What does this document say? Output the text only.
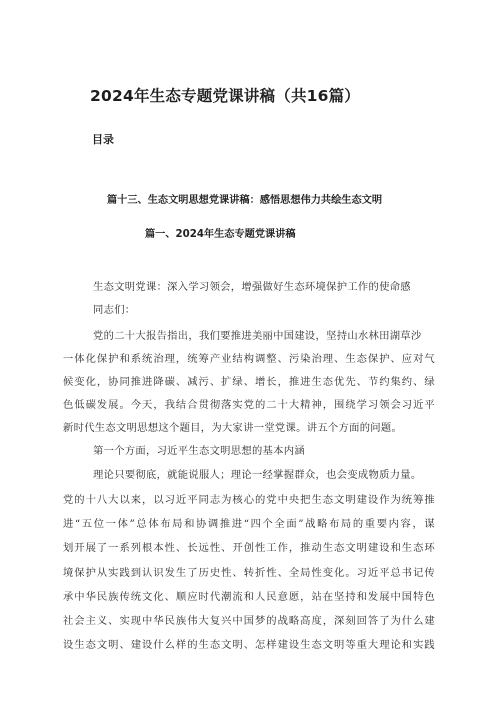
2024年生态专题党课讲稿（共16篇）
目录
篇十三、生态文明思想党课讲稿：感悟思想伟力共绘生态文明
篇一、2024年生态专题党课讲稿
生态文明党课：深入学习领会，增强做好生态环境保护工作的使命感
同志们：
党的二十大报告指出，我们要推进美丽中国建设，坚持山水林田湖草沙
一体化保护和系统治理，统筹产业结构调整、污染治理、生态保护、应对气
候变化，协同推进降碳、减污、扩绿、增长，推进生态优先、节约集约、绿
色低碳发展。今天，我结合贯彻落实党的二十大精神，围绕学习领会习近平
新时代生态文明思想这个题目，为大家讲一堂党课。讲五个方面的问题。
第一个方面，习近平生态文明思想的基本内涵
理论只要彻底，就能说服人；理论一经掌握群众，也会变成物质力量。
党的十八大以来，以习近平同志为核心的党中央把生态文明建设作为统筹推
进“五位一体”总体布局和协调推进“四个全面”战略布局的重要内容，谋
划开展了一系列根本性、长远性、开创性工作，推动生态文明建设和生态环
境保护从实践到认识发生了历史性、转折性、全局性变化。习近平总书记传
承中华民族传统文化、顺应时代潮流和人民意愿，站在坚持和发展中国特色
社会主义、实现中华民族伟大复兴中国梦的战略高度，深刻回答了为什么建
设生态文明、建设什么样的生态文明、怎样建设生态文明等重大理论和实践
